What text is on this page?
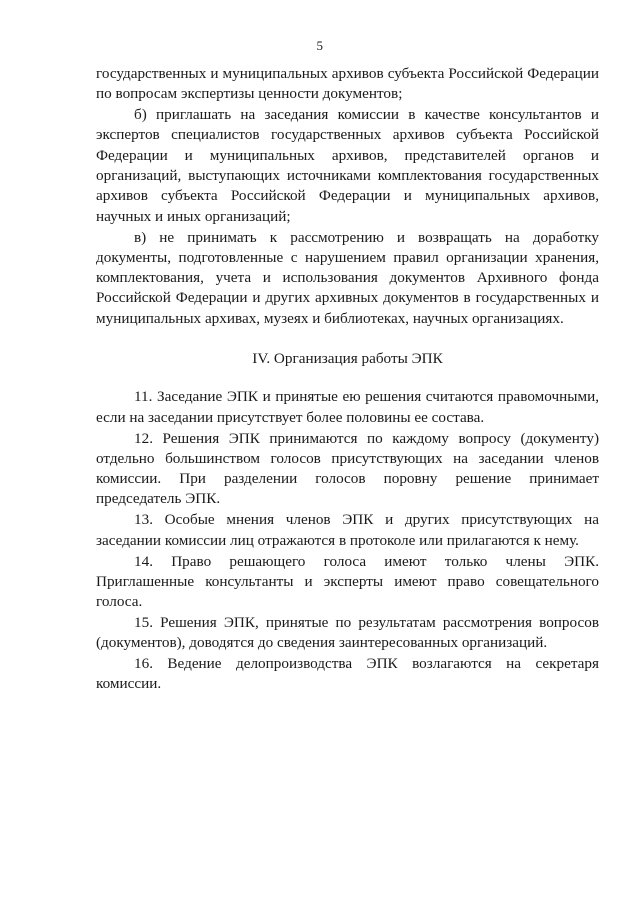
5

государственных и муниципальных архивов субъекта Российской Федерации по вопросам экспертизы ценности документов;

б) приглашать на заседания комиссии в качестве консультантов и экспертов специалистов государственных архивов субъекта Российской Федерации и муниципальных архивов, представителей органов и организаций, выступающих источниками комплектования государственных архивов субъекта Российской Федерации и муниципальных архивов, научных и иных организаций;

в) не принимать к рассмотрению и возвращать на доработку документы, подготовленные с нарушением правил организации хранения, комплектования, учета и использования документов Архивного фонда Российской Федерации и других архивных документов в государственных и муниципальных архивах, музеях и библиотеках, научных организациях.

IV. Организация работы ЭПК

11. Заседание ЭПК и принятые ею решения считаются правомочными, если на заседании присутствует более половины ее состава.

12. Решения ЭПК принимаются по каждому вопросу (документу) отдельно большинством голосов присутствующих на заседании членов комиссии. При разделении голосов поровну решение принимает председатель ЭПК.

13. Особые мнения членов ЭПК и других присутствующих на заседании комиссии лиц отражаются в протоколе или прилагаются к нему.

14. Право решающего голоса имеют только члены ЭПК. Приглашенные консультанты и эксперты имеют право совещательного голоса.

15. Решения ЭПК, принятые по результатам рассмотрения вопросов (документов), доводятся до сведения заинтересованных организаций.

16. Ведение делопроизводства ЭПК возлагаются на секретаря комиссии.
